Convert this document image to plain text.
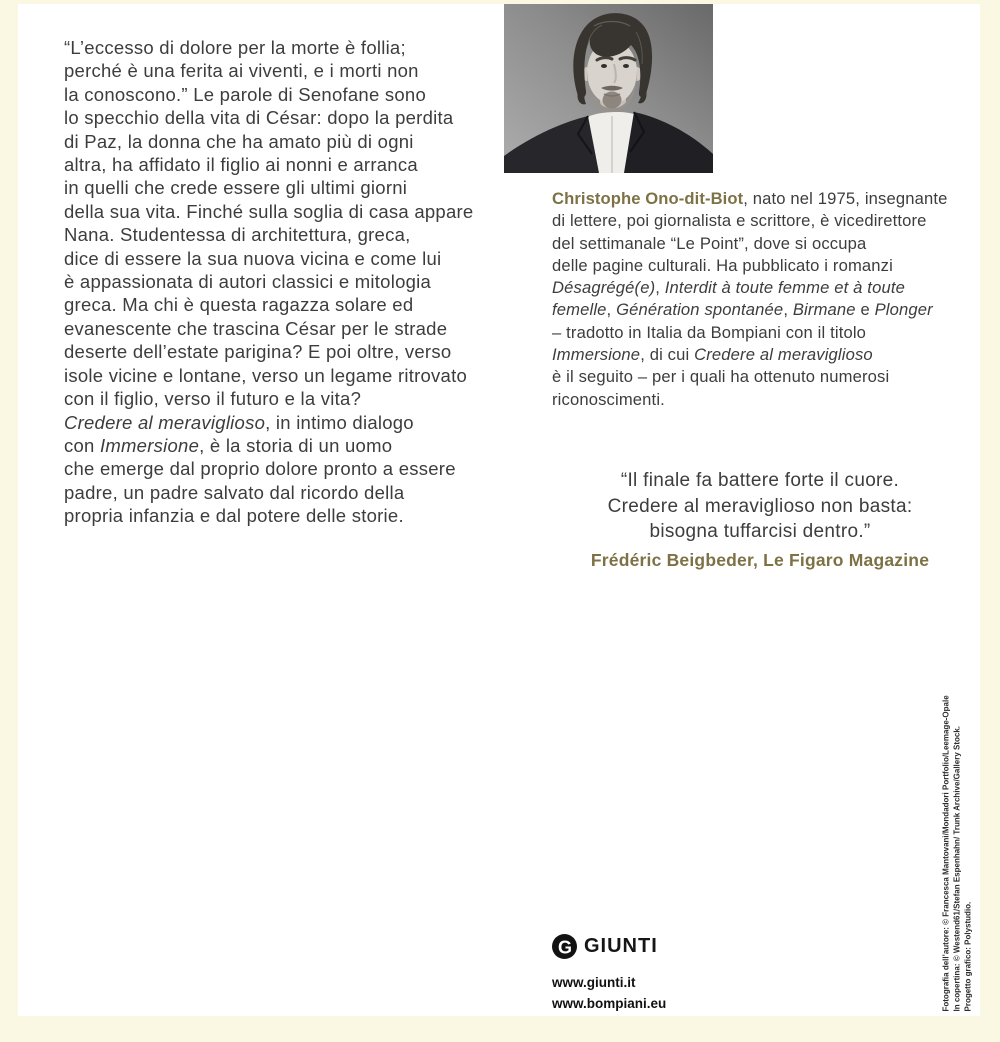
“L’eccesso di dolore per la morte è follia;
perché è una ferita ai viventi, e i morti non
la conoscono.” Le parole di Senofane sono
lo specchio della vita di César: dopo la perdita
di Paz, la donna che ha amato più di ogni
altra, ha affidato il figlio ai nonni e arranca
in quelli che crede essere gli ultimi giorni
della sua vita. Finché sulla soglia di casa appare
Nana. Studentessa di architettura, greca,
dice di essere la sua nuova vicina e come lui
è appassionata di autori classici e mitologia
greca. Ma chi è questa ragazza solare ed
evanescente che trascina César per le strade
deserte dell’estate parigina? E poi oltre, verso
isole vicine e lontane, verso un legame ritrovato
con il figlio, verso il futuro e la vita?
Credere al meraviglioso, in intimo dialogo
con Immersione, è la storia di un uomo
che emerge dal proprio dolore pronto a essere
padre, un padre salvato dal ricordo della
propria infanzia e dal potere delle storie.
Christophe Ono-dit-Biot, nato nel 1975, insegnante
di lettere, poi giornalista e scrittore, è vicedirettore
del settimanale “Le Point”, dove si occupa
delle pagine culturali. Ha pubblicato i romanzi
Désagrégé(e), Interdit à toute femme et à toute
femelle, Génération spontanée, Birmane e Plonger
– tradotto in Italia da Bompiani con il titolo
Immersione, di cui Credere al meraviglioso
è il seguito – per i quali ha ottenuto numerosi
riconoscimenti.
“Il finale fa battere forte il cuore.
Credere al meraviglioso non basta:
bisogna tuffarcisi dentro.”
Frédéric Beigbeder, Le Figaro Magazine
G GIUNTI
www.giunti.it
www.bompiani.eu	Fotografia dell’autore: © Francesca Mantovani/Mondadori Portfolio/Leemage-Opale In copertina: © Westend61/Stefan Espenhahn/ Trunk Archive/Gallery Stock. Progetto grafico: Polystudio.
